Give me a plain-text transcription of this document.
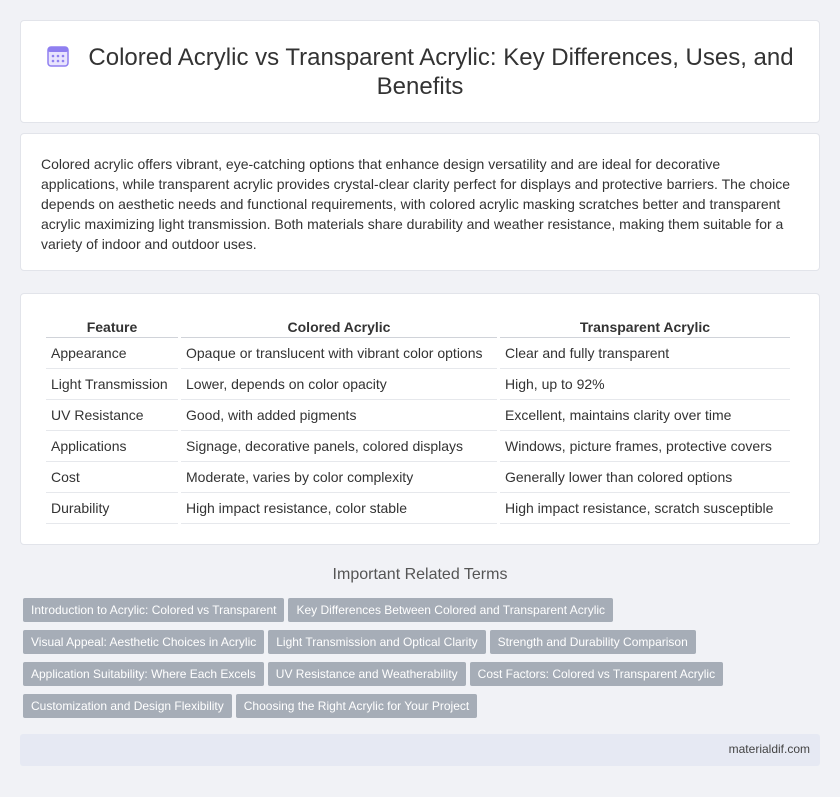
Colored Acrylic vs Transparent Acrylic: Key Differences, Uses, and Benefits

Colored acrylic offers vibrant, eye-catching options that enhance design versatility and are ideal for decorative applications, while transparent acrylic provides crystal-clear clarity perfect for displays and protective barriers. The choice depends on aesthetic needs and functional requirements, with colored acrylic masking scratches better and transparent acrylic maximizing light transmission. Both materials share durability and weather resistance, making them suitable for a variety of indoor and outdoor uses.

Feature	Colored Acrylic	Transparent Acrylic
Appearance	Opaque or translucent with vibrant color options	Clear and fully transparent
Light Transmission	Lower, depends on color opacity	High, up to 92%
UV Resistance	Good, with added pigments	Excellent, maintains clarity over time
Applications	Signage, decorative panels, colored displays	Windows, picture frames, protective covers
Cost	Moderate, varies by color complexity	Generally lower than colored options
Durability	High impact resistance, color stable	High impact resistance, scratch susceptible
Important Related Terms
Introduction to Acrylic: Colored vs Transparent Key Differences Between Colored and Transparent Acrylic
Visual Appeal: Aesthetic Choices in Acrylic Light Transmission and Optical Clarity Strength and Durability Comparison
Application Suitability: Where Each Excels UV Resistance and Weatherability Cost Factors: Colored vs Transparent Acrylic
Customization and Design Flexibility Choosing the Right Acrylic for Your Project
materialdif.com
